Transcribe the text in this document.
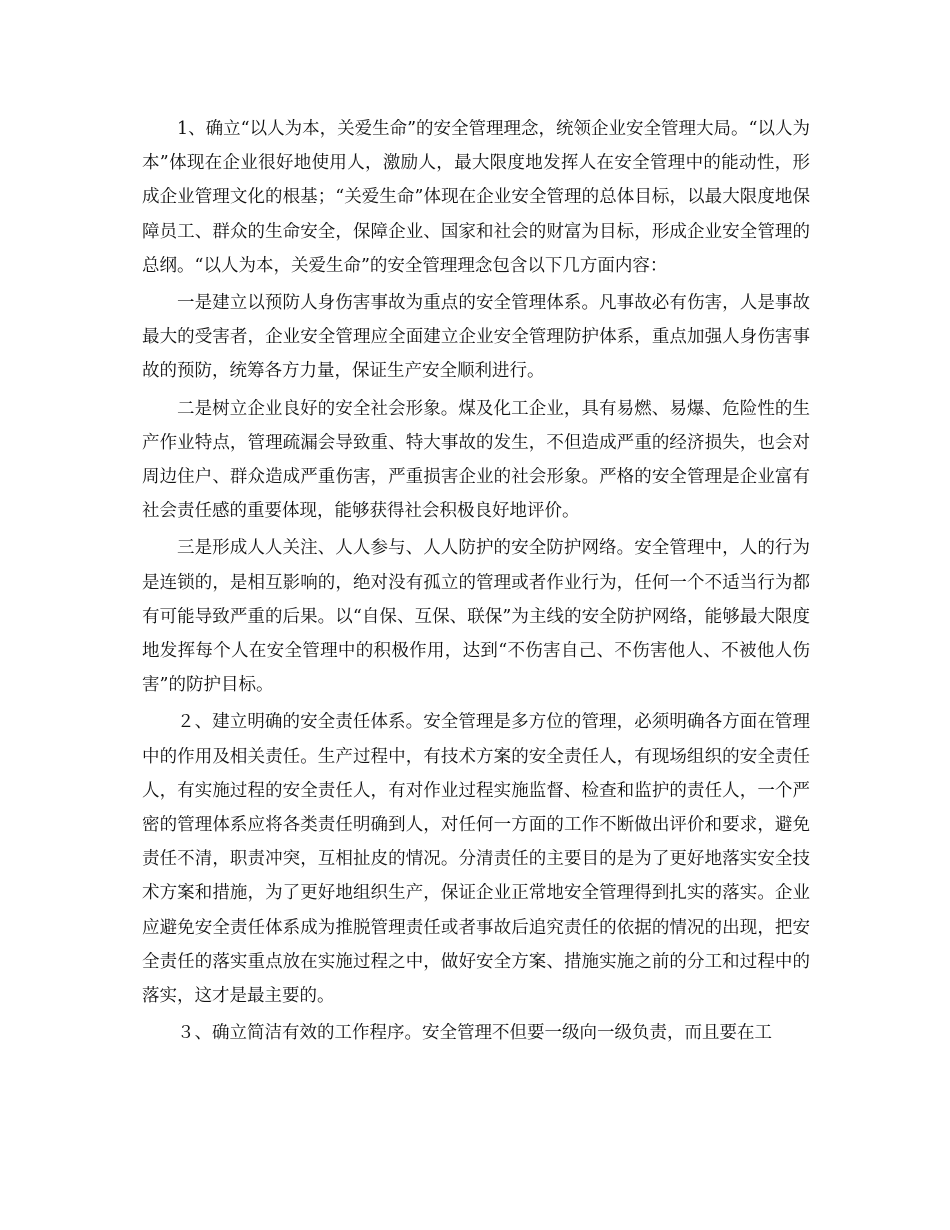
1、确立“以人为本，关爱生命”的安全管理理念，统领企业安全管理大局。“以人为本”体现在企业很好地使用人，激励人，最大限度地发挥人在安全管理中的能动性，形成企业管理文化的根基；“关爱生命”体现在企业安全管理的总体目标，以最大限度地保障员工、群众的生命安全，保障企业、国家和社会的财富为目标，形成企业安全管理的总纲。“以人为本，关爱生命”的安全管理理念包含以下几方面内容：

一是建立以预防人身伤害事故为重点的安全管理体系。凡事故必有伤害，人是事故最大的受害者，企业安全管理应全面建立企业安全管理防护体系，重点加强人身伤害事故的预防，统筹各方力量，保证生产安全顺利进行。

二是树立企业良好的安全社会形象。煤及化工企业，具有易燃、易爆、危险性的生产作业特点，管理疏漏会导致重、特大事故的发生，不但造成严重的经济损失，也会对周边住户、群众造成严重伤害，严重损害企业的社会形象。严格的安全管理是企业富有社会责任感的重要体现，能够获得社会积极良好地评价。

三是形成人人关注、人人参与、人人防护的安全防护网络。安全管理中，人的行为是连锁的，是相互影响的，绝对没有孤立的管理或者作业行为，任何一个不适当行为都有可能导致严重的后果。以“自保、互保、联保”为主线的安全防护网络，能够最大限度地发挥每个人在安全管理中的积极作用，达到“不伤害自己、不伤害他人、不被他人伤害”的防护目标。

２、建立明确的安全责任体系。安全管理是多方位的管理，必须明确各方面在管理中的作用及相关责任。生产过程中，有技术方案的安全责任人，有现场组织的安全责任人，有实施过程的安全责任人，有对作业过程实施监督、检查和监护的责任人，一个严密的管理体系应将各类责任明确到人，对任何一方面的工作不断做出评价和要求，避免责任不清，职责冲突，互相扯皮的情况。分清责任的主要目的是为了更好地落实安全技术方案和措施，为了更好地组织生产，保证企业正常地安全管理得到扎实的落实。企业应避免安全责任体系成为推脱管理责任或者事故后追究责任的依据的情况的出现，把安全责任的落实重点放在实施过程之中，做好安全方案、措施实施之前的分工和过程中的落实，这才是最主要的。

３、确立简洁有效的工作程序。安全管理不但要一级向一级负责，而且要在工
